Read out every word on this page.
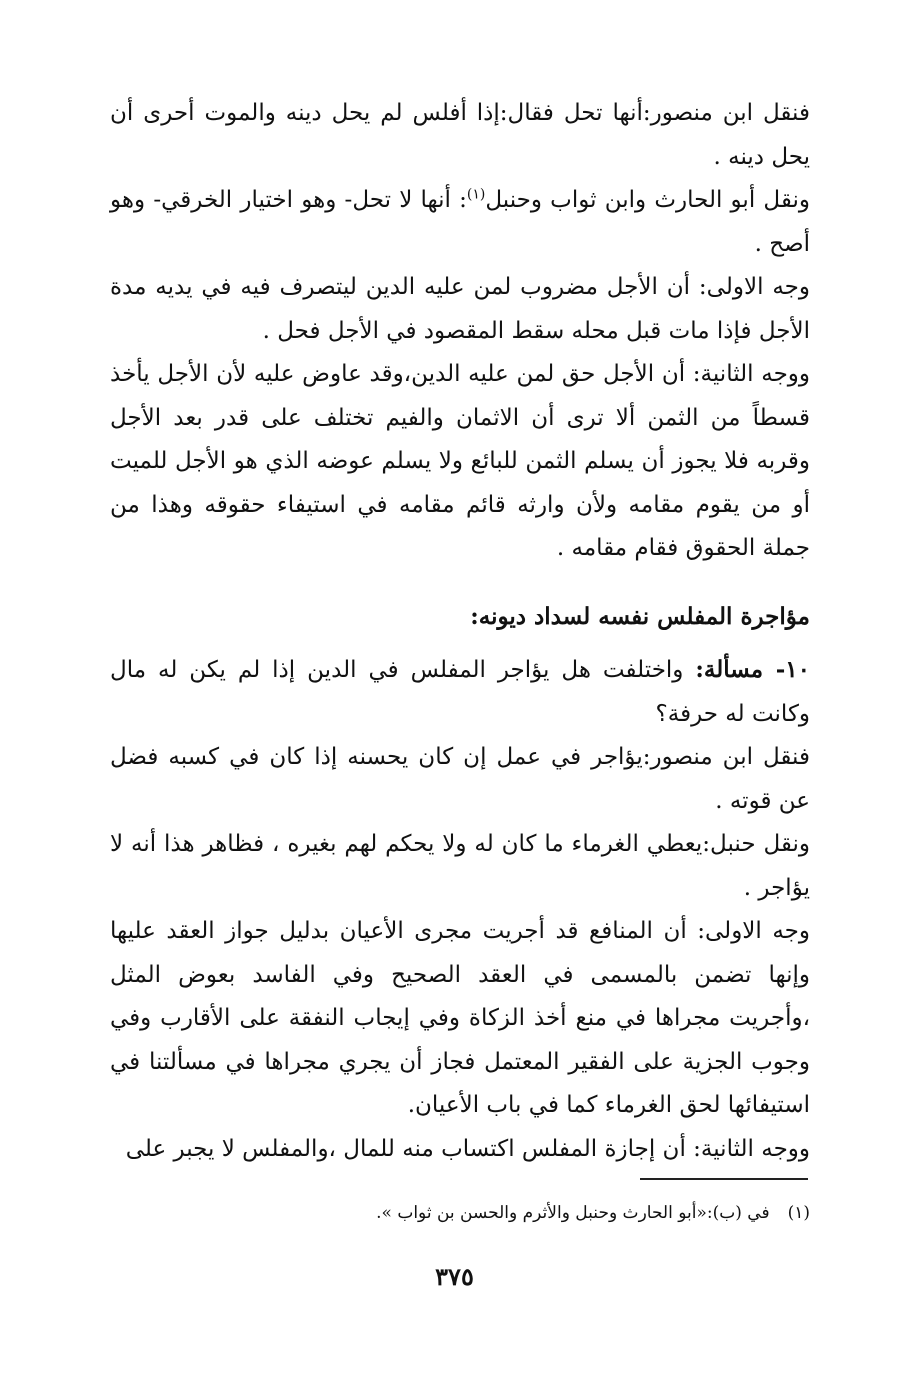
فنقل ابن منصور:أنها تحل فقال:إذا أفلس لم يحل دينه والموت أحرى أن يحل دينه .

ونقل أبو الحارث وابن ثواب وحنبل$^{(١)}$: أنها لا تحل- وهو اختيار الخرقي- وهو أصح .

وجه الاولى: أن الأجل مضروب لمن عليه الدين ليتصرف فيه في يديه مدة الأجل فإذا مات قبل محله سقط المقصود في الأجل فحل .

ووجه الثانية: أن الأجل حق لمن عليه الدين،وقد عاوض عليه لأن الأجل يأخذ قسطاً من الثمن ألا ترى أن الاثمان والفيم تختلف على قدر بعد الأجل وقربه فلا يجوز أن يسلم الثمن للبائع ولا يسلم عوضه الذي هو الأجل للميت أو من يقوم مقامه ولأن وارثه قائم مقامه في استيفاء حقوقه وهذا من جملة الحقوق فقام مقامه .

مؤاجرة المفلس نفسه لسداد ديونه:

١٠- مسألة: واختلفت هل يؤاجر المفلس في الدين إذا لم يكن له مال وكانت له حرفة؟

فنقل ابن منصور:يؤاجر في عمل إن كان يحسنه إذا كان في كسبه فضل عن قوته .

ونقل حنبل:يعطي الغرماء ما كان له ولا يحكم لهم بغيره ، فظاهر هذا أنه لا يؤاجر .

وجه الاولى: أن المنافع قد أجريت مجرى الأعيان بدليل جواز العقد عليها وإنها تضمن بالمسمى في العقد الصحيح وفي الفاسد بعوض المثل ،وأجريت مجراها في منع أخذ الزكاة وفي إيجاب النفقة على الأقارب وفي وجوب الجزية على الفقير المعتمل فجاز أن يجري مجراها في مسألتنا في استيفائها لحق الغرماء كما في باب الأعيان.

ووجه الثانية: أن إجازة المفلس اكتساب منه للمال ،والمفلس لا يجبر على

(١)في (ب):«أبو الحارث وحنبل والأثرم والحسن بن ثواب ».
٣٧٥
